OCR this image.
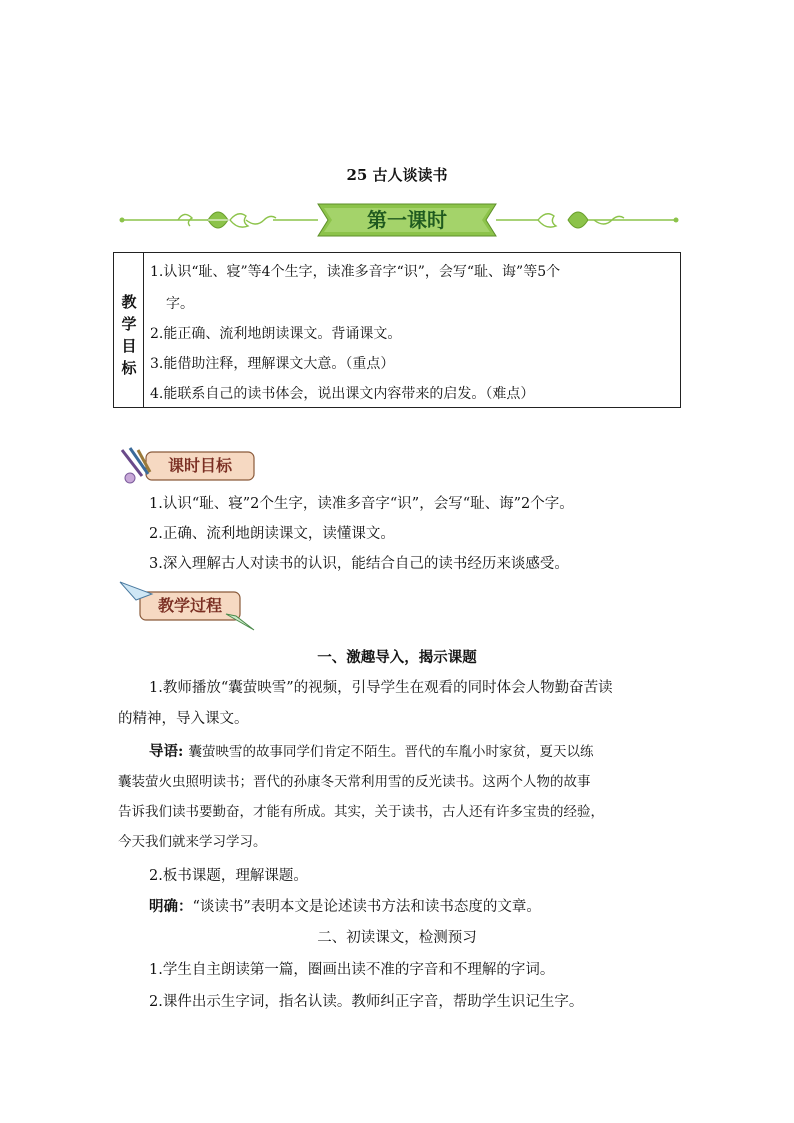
25 古人谈读书
第一课时
教
学
目
标
1.认识“耻、寝”等4个生字，读准多音字“识”，会写“耻、诲”等5个
字。
2.能正确、流利地朗读课文。背诵课文。
3.能借助注释，理解课文大意。（重点）
4.能联系自己的读书体会，说出课文内容带来的启发。（难点）
课时目标
1.认识“耻、寝”2个生字，读准多音字“识”，会写“耻、诲”2个字。
2.正确、流利地朗读课文，读懂课文。
3.深入理解古人对读书的认识，能结合自己的读书经历来谈感受。
教学过程
一、激趣导入，揭示课题
1.教师播放“囊萤映雪”的视频，引导学生在观看的同时体会人物勤奋苦读
的精神，导入课文。
导语: 囊萤映雪的故事同学们肯定不陌生。晋代的车胤小时家贫，夏天以练
囊装萤火虫照明读书；晋代的孙康冬天常利用雪的反光读书。这两个人物的故事
告诉我们读书要勤奋，才能有所成。其实，关于读书，古人还有许多宝贵的经验，
今天我们就来学习学习。
2.板书课题，理解课题。
明确：“谈读书”表明本文是论述读书方法和读书态度的文章。
二、初读课文，检测预习
1.学生自主朗读第一篇，圈画出读不准的字音和不理解的字词。
2.课件出示生字词，指名认读。教师纠正字音，帮助学生识记生字。
